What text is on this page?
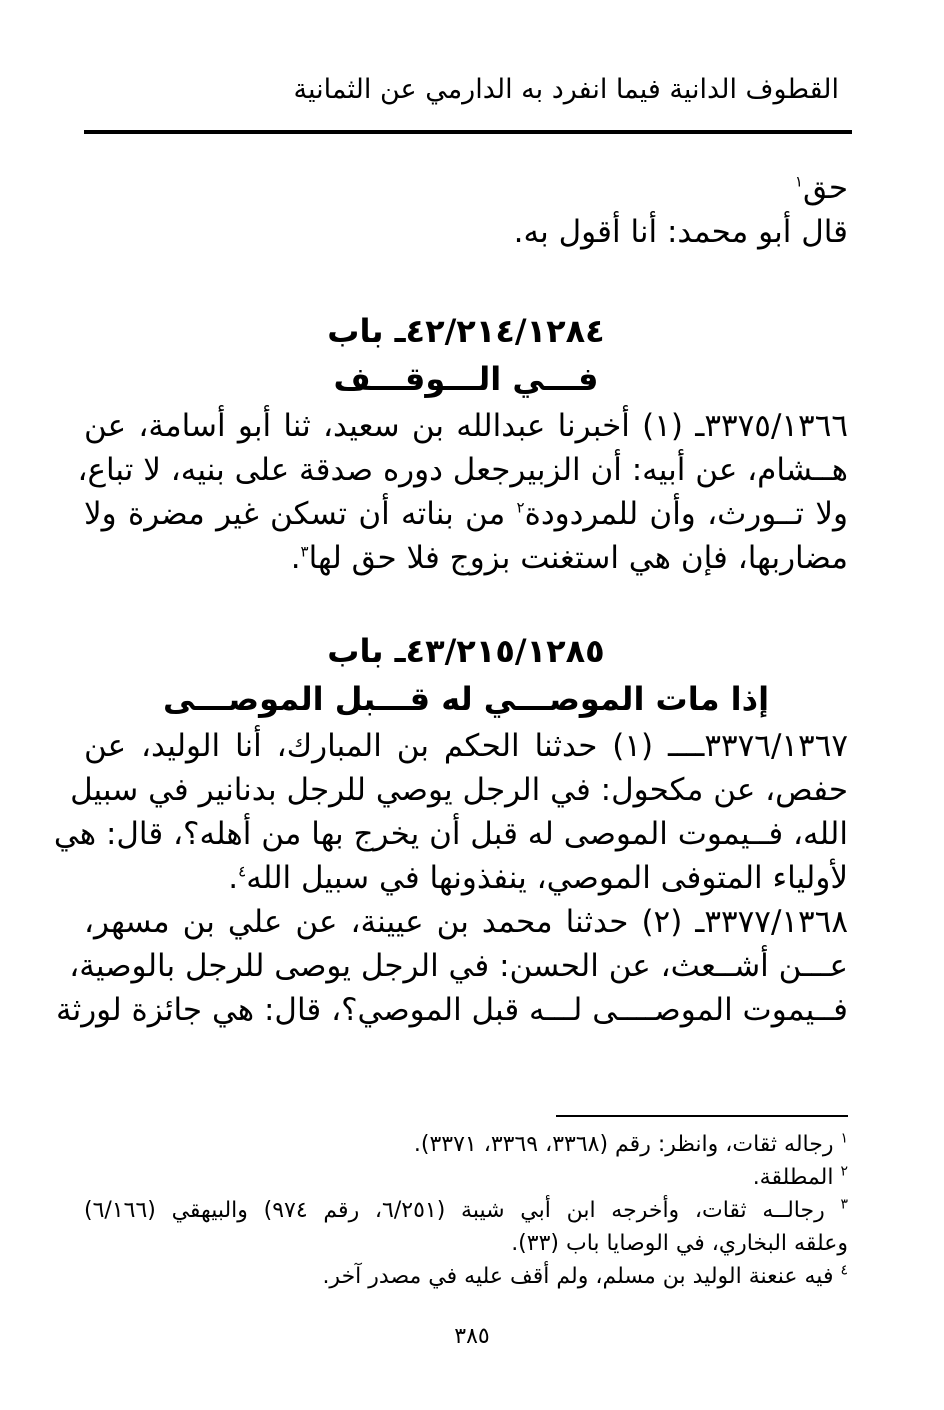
القطوف الدانية فيما انفرد به الدارمي عن الثمانية
حق$^١$
قال أبو محمد: أنا أقول به.
٤٢/٢١٤/١٢٨٤ـ باب
فـــي الـــوقـــف
٣٣٧٥/١٣٦٦ـ (١) أخبرنا عبدالله بن سعيد، ثنا أبو أسامة، عن
هــشام، عن أبيه: أن الزبيرجعل دوره صدقة على بنيه، لا تباع،
ولا تــورث، وأن للمردودة$^٢$ من بناته أن تسكن غير مضرة ولا
مضاربها، فإن هي استغنت بزوج فلا حق لها$^٣$.
٤٣/٢١٥/١٢٨٥ـ باب
إذا مات الموصـــي له قـــبل الموصـــى
٣٣٧٦/١٣٦٧ــــ (١) حدثنا الحكم بن المبارك، أنا الوليد، عن
حفص، عن مكحول: في الرجل يوصي للرجل بدنانير في سبيل
الله، فــيموت الموصى له قبل أن يخرج بها من أهله؟، قال: هي
لأولياء المتوفى الموصي، ينفذونها في سبيل الله$^٤$.
٣٣٧٧/١٣٦٨ـ (٢) حدثنا محمد بن عيينة، عن علي بن مسهر،
عـــن أشــعث، عن الحسن: في الرجل يوصى للرجل بالوصية،
فــيموت الموصــــى لـــه قبل الموصي؟، قال: هي جائزة لورثة
$^١$ رجاله ثقات، وانظر: رقم (٣٣٦٨، ٣٣٦٩، ٣٣٧١).
$^٢$ المطلقة.
$^٣$ رجالــه ثقات، وأخرجه ابن أبي شيبة (٦/٢٥١، رقم ٩٧٤) والبيهقي (٦/١٦٦)
وعلقه البخاري، في الوصايا باب (٣٣).
$^٤$ فيه عنعنة الوليد بن مسلم، ولم أقف عليه في مصدر آخر.
٣٨٥
